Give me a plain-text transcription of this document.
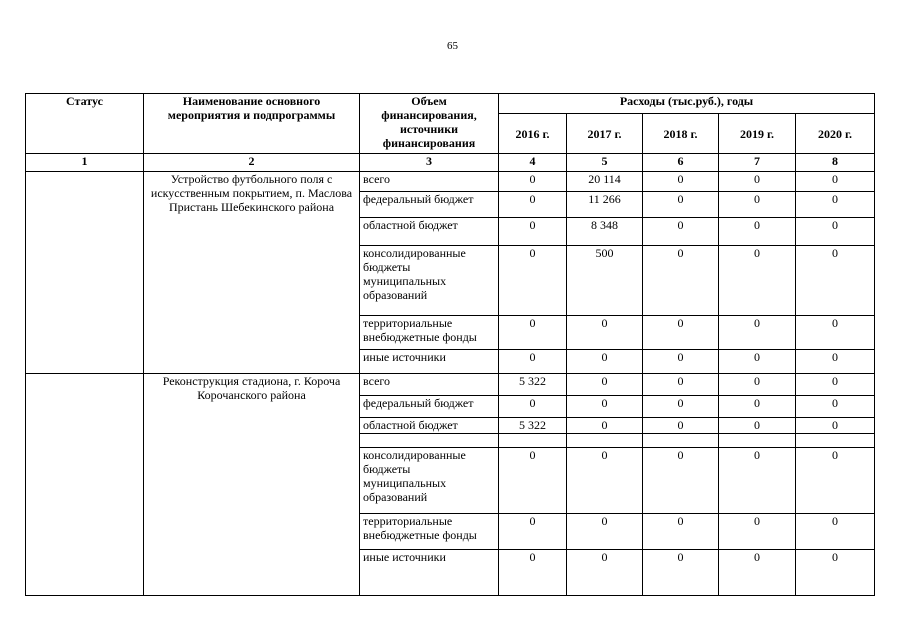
65
Статус	Наименование основного мероприятия и подпрограммы	Объем финансирования, источники финансирования	Расходы (тыс.руб.), годы				
			2016 г.	2017 г.	2018 г.	2019 г.	2020 г.
1	2	3	4	5	6	7	8
	Устройство футбольного поля с искусственным покрытием, п. Маслова Пристань Шебекинского района	всего	0	20 114	0	0	0
		федеральный бюджет	0	11 266	0	0	0
		областной бюджет	0	8 348	0	0	0
		консолидированные бюджеты муниципальных образований	0	500	0	0	0
		территориальные внебюджетные фонды	0	0	0	0	0
		иные источники	0	0	0	0	0
	Реконструкция стадиона, г. Короча Корочанского района	всего	5 322	0	0	0	0
		федеральный бюджет	0	0	0	0	0
		областной бюджет	5 322	0	0	0	0

		консолидированные бюджеты муниципальных образований	0	0	0	0	0
		территориальные внебюджетные фонды	0	0	0	0	0
		иные источники	0	0	0	0	0
